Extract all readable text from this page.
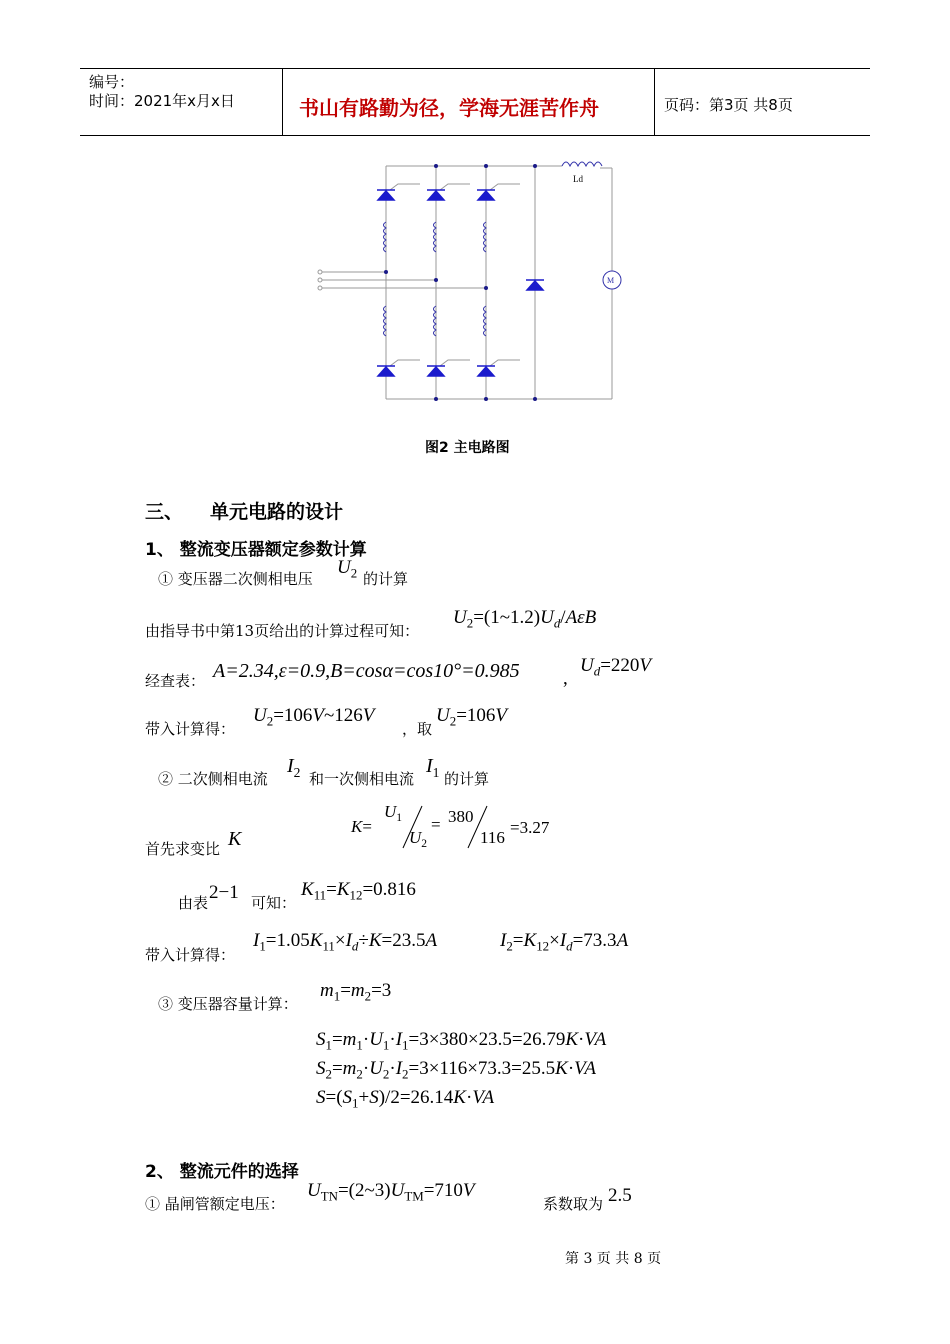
编号：
时间：2021年x月x日	书山有路勤为径，学海无涯苦作舟	页码：第3页 共8页
Ld
M
图2 主电路图
三、 单元电路的设计
1、 整流变压器额定参数计算
① 变压器二次侧相电压
$U_2$ 的计算
由指导书中第13页给出的计算过程可知：
$U_2=(1\sim 1.2)U_d$/AεB
经查表： A=2.34,ε=0.9,B=cosα=cos10°=0.985 ,
$U_d=220V$
带入计算得：
$U_2=106V\sim 126V$
，取
$U_2=106V$
② 二次侧相电流
$I_2$ 和一次侧相电流
$I_1$ 的计算
首先求变比 K
K=
$U_1$
$U_2$
= 380
116
=3.27
由表 2−1 可知：
$K_{11}=K_{12}=0.816$
带入计算得：
$I_1=1.05K_{11}\times I_d\div K=23.5A$	$I_2=K_{12}\times I_d=73.3A$
③ 变压器容量计算：
$m_1=m_2=3$
$S_1=m_1\cdot U_1\cdot I_1=3\times 380\times 23.5=26.79K\cdot VA$
$S_2=m_2\cdot U_2\cdot I_2=3\times 116\times 73.3=25.5K\cdot VA$
$S=(S_1+S)/2=26.14K\cdot VA$
2、 整流元件的选择
① 晶闸管额定电压：
$U_{TN}=(2\sim 3)U_{TM}=710V$
系数取为 2.5
第 3 页 共 8 页
